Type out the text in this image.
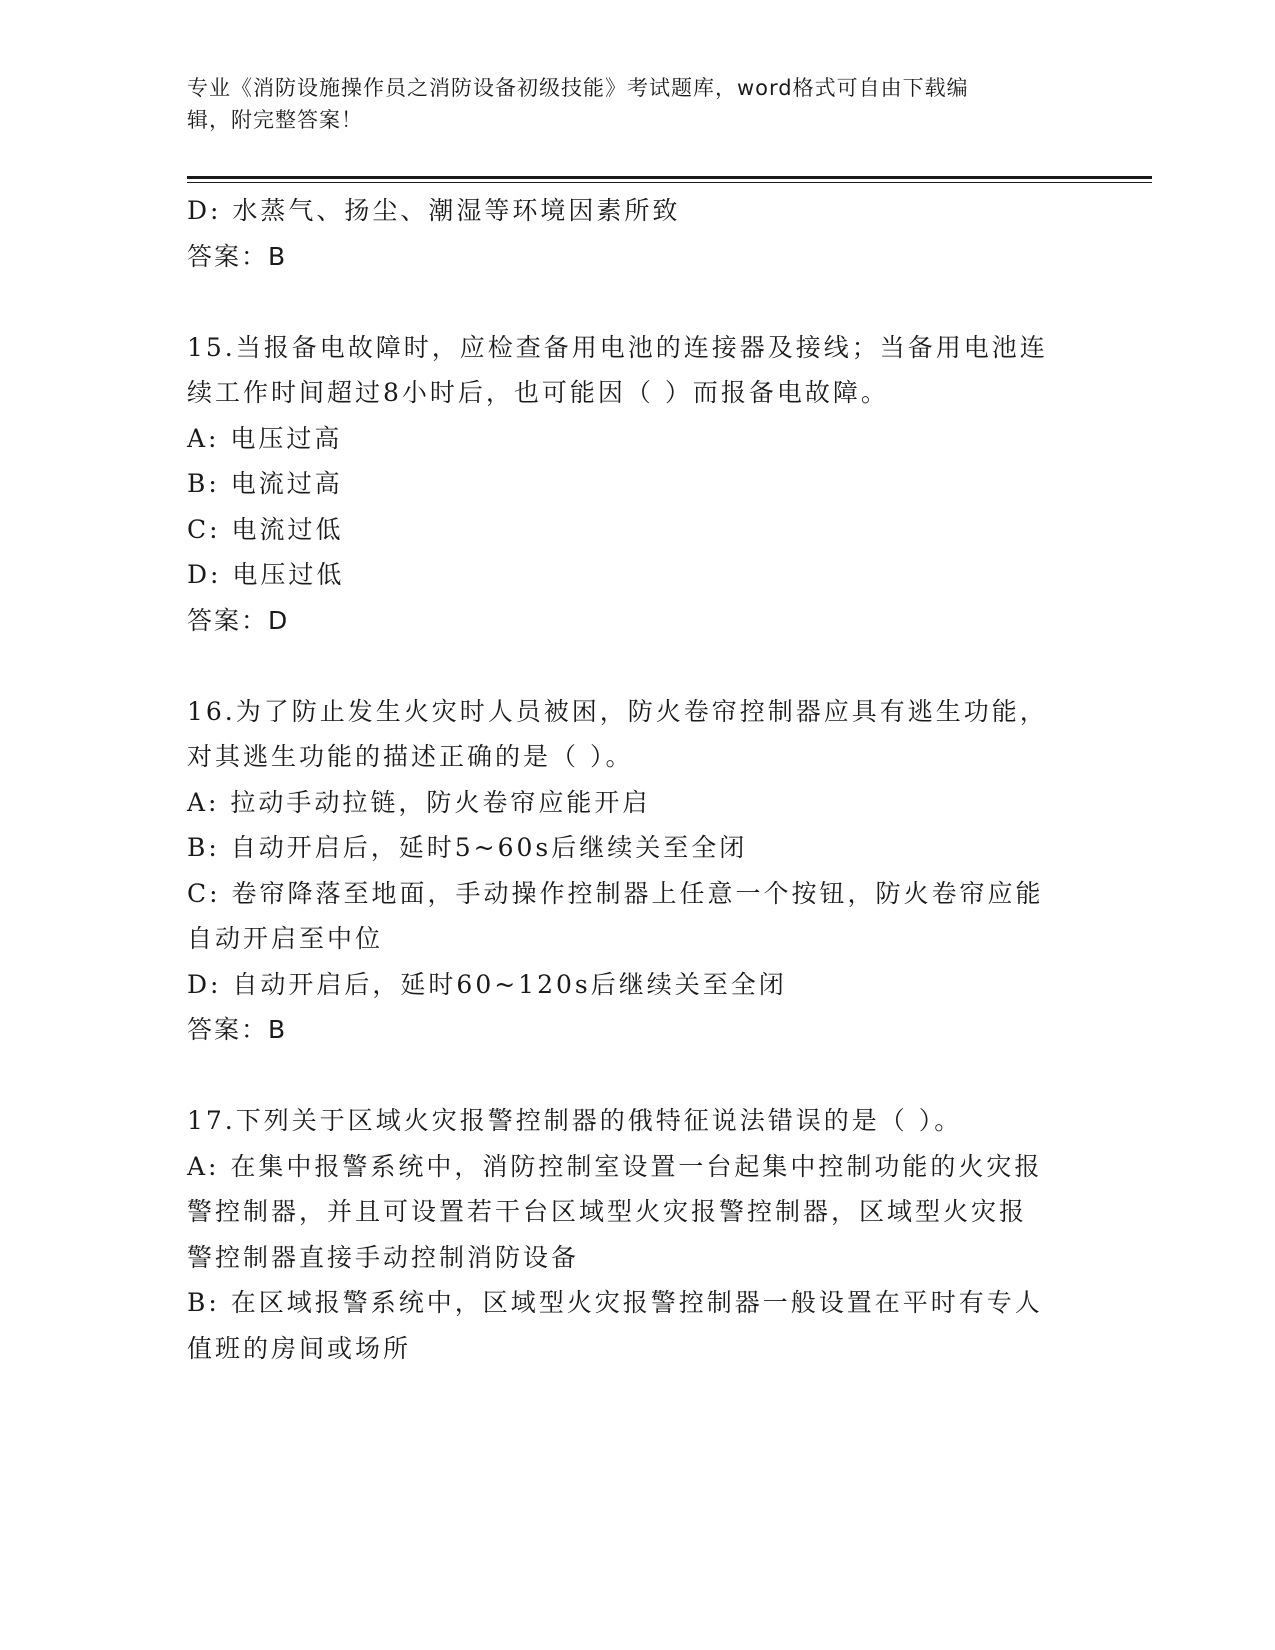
专业《消防设施操作员之消防设备初级技能》考试题库，word格式可自由下载编
辑，附完整答案！
D: 水蒸气、扬尘、潮湿等环境因素所致
答案：B
15.当报备电故障时，应检查备用电池的连接器及接线；当备用电池连
续工作时间超过8小时后，也可能因（ ）而报备电故障。
A: 电压过高
B: 电流过高
C: 电流过低
D: 电压过低
答案：D
16.为了防止发生火灾时人员被困，防火卷帘控制器应具有逃生功能，
对其逃生功能的描述正确的是（ ）。
A: 拉动手动拉链，防火卷帘应能开启
B: 自动开启后，延时5~60s后继续关至全闭
C: 卷帘降落至地面，手动操作控制器上任意一个按钮，防火卷帘应能
自动开启至中位
D: 自动开启后，延时60~120s后继续关至全闭
答案：B
17.下列关于区域火灾报警控制器的俄特征说法错误的是（ ）。
A: 在集中报警系统中，消防控制室设置一台起集中控制功能的火灾报
警控制器，并且可设置若干台区域型火灾报警控制器，区域型火灾报
警控制器直接手动控制消防设备
B: 在区域报警系统中，区域型火灾报警控制器一般设置在平时有专人
值班的房间或场所
